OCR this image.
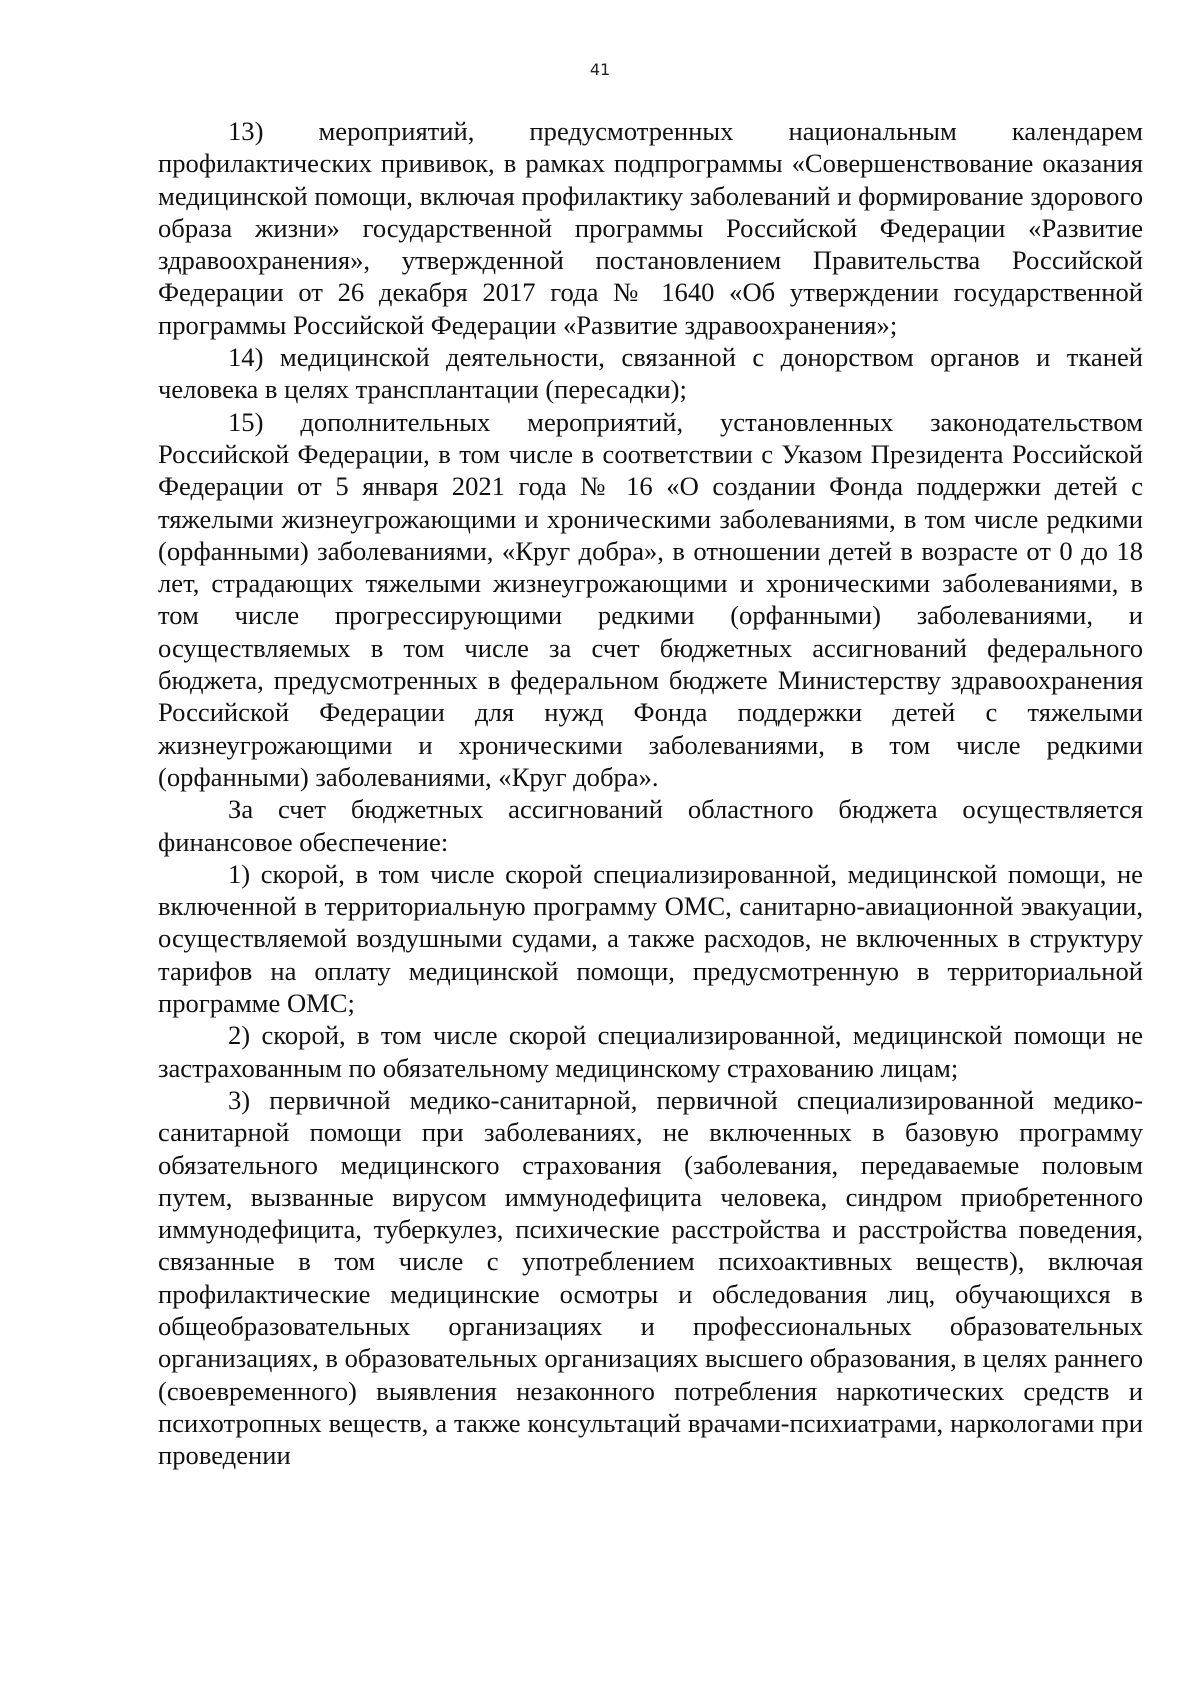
41

13) мероприятий, предусмотренных национальным календарем профилактических прививок, в рамках подпрограммы «Совершенствование оказания медицинской помощи, включая профилактику заболеваний и формирование здорового образа жизни» государственной программы Российской Федерации «Развитие здравоохранения», утвержденной постановлением Правительства Российской Федерации от 26 декабря 2017 года № 1640 «Об утверждении государственной программы Российской Федерации «Развитие здравоохранения»;

14) медицинской деятельности, связанной с донорством органов и тканей человека в целях трансплантации (пересадки);

15) дополнительных мероприятий, установленных законодательством Российской Федерации, в том числе в соответствии с Указом Президента Российской Федерации от 5 января 2021 года № 16 «О создании Фонда поддержки детей с тяжелыми жизнеугрожающими и хроническими заболеваниями, в том числе редкими (орфанными) заболеваниями, «Круг добра», в отношении детей в возрасте от 0 до 18 лет, страдающих тяжелыми жизнеугрожающими и хроническими заболеваниями, в том числе прогрессирующими редкими (орфанными) заболеваниями, и осуществляемых в том числе за счет бюджетных ассигнований федерального бюджета, предусмотренных в федеральном бюджете Министерству здравоохранения Российской Федерации для нужд Фонда поддержки детей с тяжелыми жизнеугрожающими и хроническими заболеваниями, в том числе редкими (орфанными) заболеваниями, «Круг добра».

За счет бюджетных ассигнований областного бюджета осуществляется финансовое обеспечение:

1) скорой, в том числе скорой специализированной, медицинской помощи, не включенной в территориальную программу ОМС, санитарно-авиационной эвакуации, осуществляемой воздушными судами, а также расходов, не включенных в структуру тарифов на оплату медицинской помощи, предусмотренную в территориальной программе ОМС;

2) скорой, в том числе скорой специализированной, медицинской помощи не застрахованным по обязательному медицинскому страхованию лицам;

3) первичной медико-санитарной, первичной специализированной медико-санитарной помощи при заболеваниях, не включенных в базовую программу обязательного медицинского страхования (заболевания, передаваемые половым путем, вызванные вирусом иммунодефицита человека, синдром приобретенного иммунодефицита, туберкулез, психические расстройства и расстройства поведения, связанные в том числе с употреблением психоактивных веществ), включая профилактические медицинские осмотры и обследования лиц, обучающихся в общеобразовательных организациях и профессиональных образовательных организациях, в образовательных организациях высшего образования, в целях раннего (своевременного) выявления незаконного потребления наркотических средств и психотропных веществ, а также консультаций врачами-психиатрами, наркологами при проведении
